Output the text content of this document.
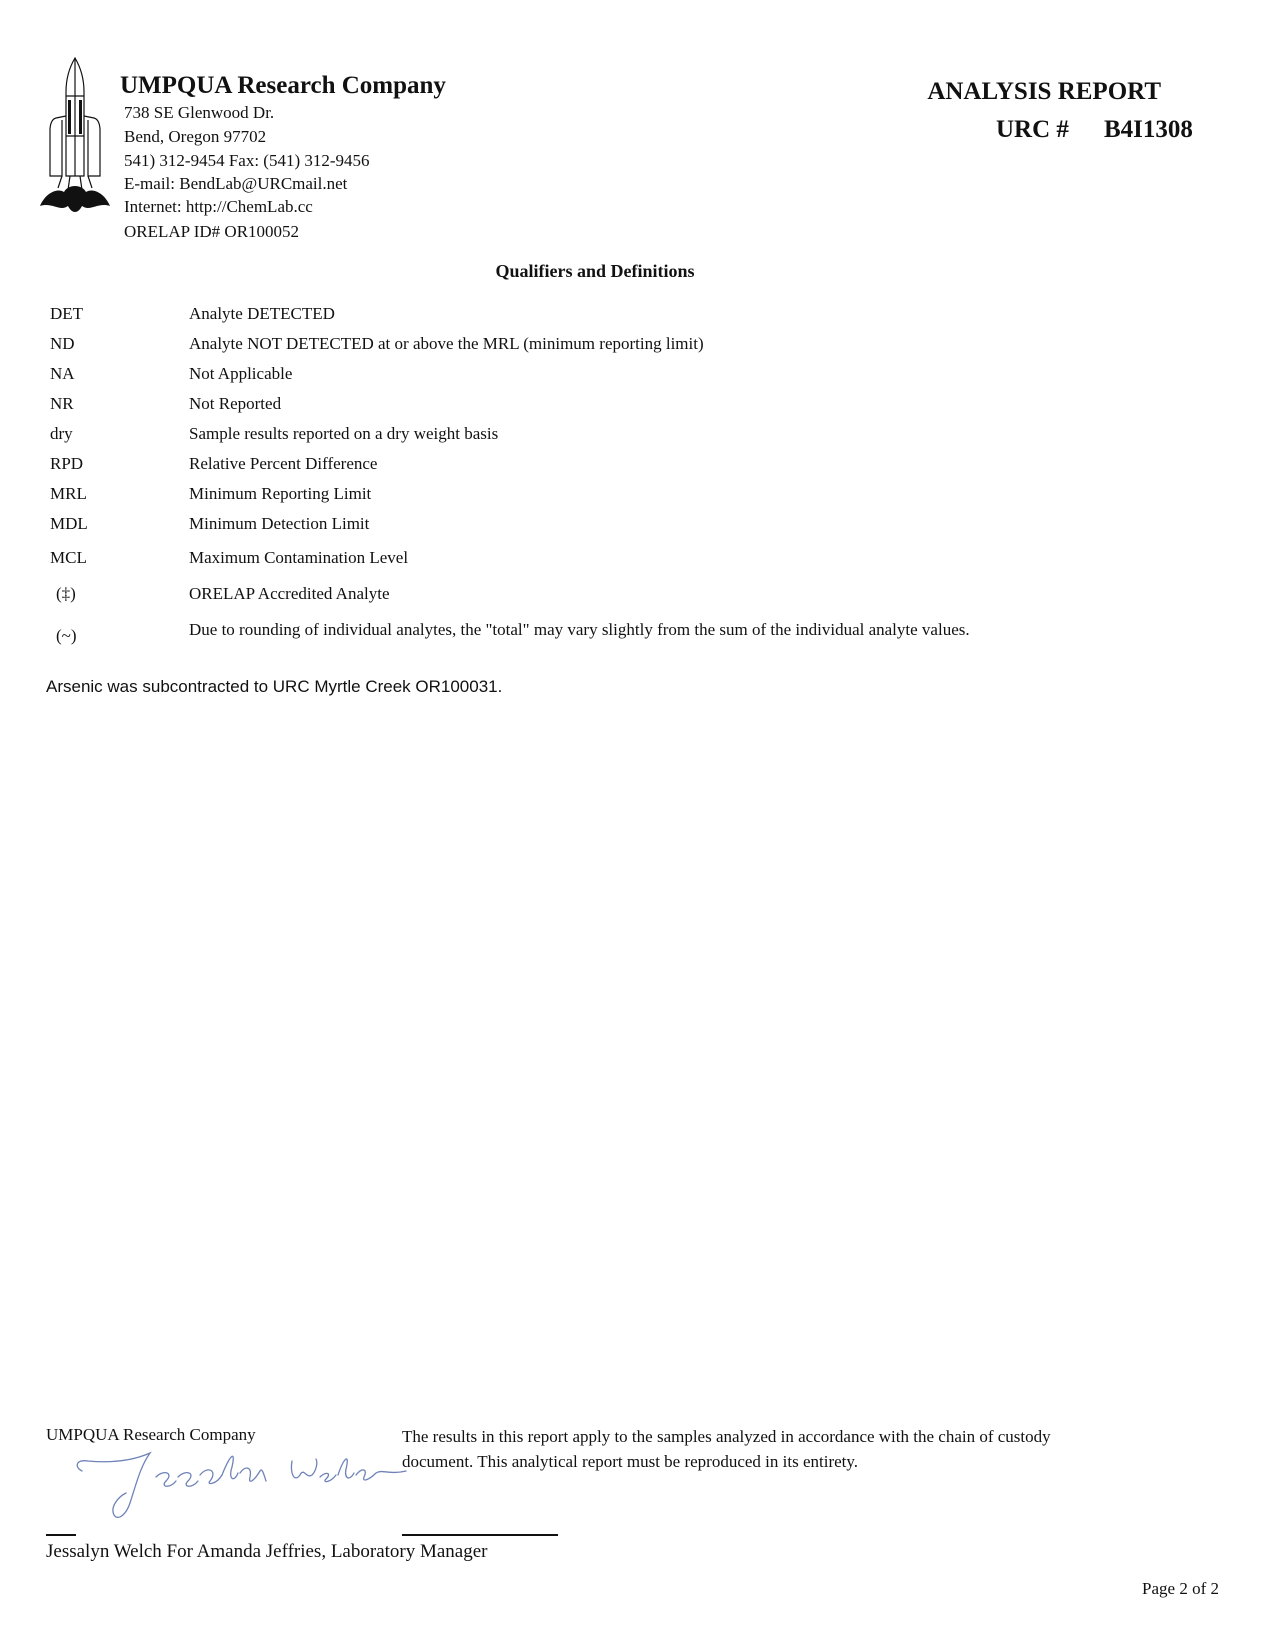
UMPQUA Research Company
738 SE Glenwood Dr.
Bend, Oregon 97702
541) 312-9454 Fax: (541) 312-9456
E-mail: BendLab@URCmail.net
Internet: http://ChemLab.cc
ORELAP ID# OR100052
ANALYSIS REPORT
URC # B4I1308
Qualifiers and Definitions
DET	Analyte DETECTED
ND	Analyte NOT DETECTED at or above the MRL (minimum reporting limit)
NA	Not Applicable
NR	Not Reported
dry	Sample results reported on a dry weight basis
RPD	Relative Percent Difference
MRL	Minimum Reporting Limit
MDL	Minimum Detection Limit
MCL	Maximum Contamination Level
(‡)	ORELAP Accredited Analyte
(~)	Due to rounding of individual analytes, the "total" may vary slightly from the sum of the individual analyte values.
Arsenic was subcontracted to URC Myrtle Creek OR100031.
UMPQUA Research Company	The results in this report apply to the samples analyzed in accordance with the chain of custody document. This analytical report must be reproduced in its entirety.
Jessalyn Welch For Amanda Jeffries, Laboratory Manager
Page 2 of 2
